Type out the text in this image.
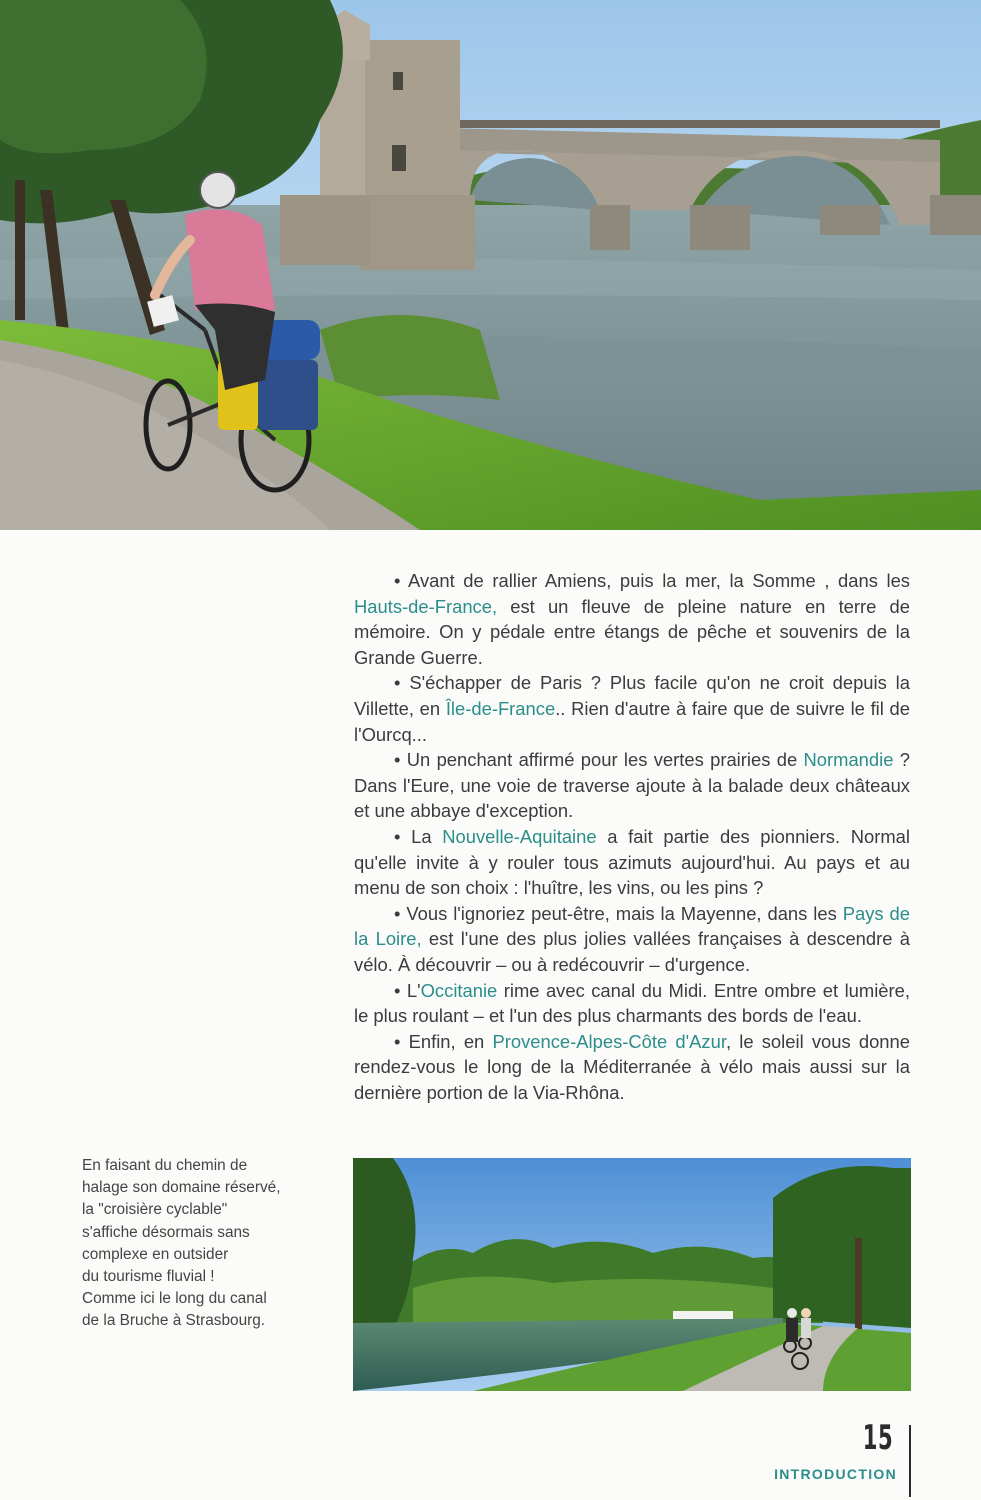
• Avant de rallier Amiens, puis la mer, la Somme , dans les Hauts-de-France, est un fleuve de pleine nature en terre de mémoire. On y pédale entre étangs de pêche et souvenirs de la Grande Guerre.

• S'échapper de Paris ? Plus facile qu'on ne croit depuis la Villette, en Île-de-France.. Rien d'autre à faire que de suivre le fil de l'Ourcq...

• Un penchant affirmé pour les vertes prairies de Normandie ? Dans l'Eure, une voie de traverse ajoute à la balade deux châteaux et une abbaye d'exception.

• La Nouvelle-Aquitaine a fait partie des pionniers. Normal qu'elle invite à y rouler tous azimuts aujourd'hui. Au pays et au menu de son choix : l'huître, les vins, ou les pins ?

• Vous l'ignoriez peut-être, mais la Mayenne, dans les Pays de la Loire, est l'une des plus jolies vallées françaises à descendre à vélo. À découvrir – ou à redécouvrir – d'urgence.

• L'Occitanie rime avec canal du Midi. Entre ombre et lumière, le plus roulant – et l'un des plus charmants des bords de l'eau.

• Enfin, en Provence-Alpes-Côte d'Azur, le soleil vous donne rendez-vous le long de la Méditerranée à vélo mais aussi sur la dernière portion de la Via-Rhôna.

En faisant du chemin de
halage son domaine réservé,
la "croisière cyclable"
s'affiche désormais sans
complexe en outsider
du tourisme fluvial !
Comme ici le long du canal
de la Bruche à Strasbourg.
15
INTRODUCTION
